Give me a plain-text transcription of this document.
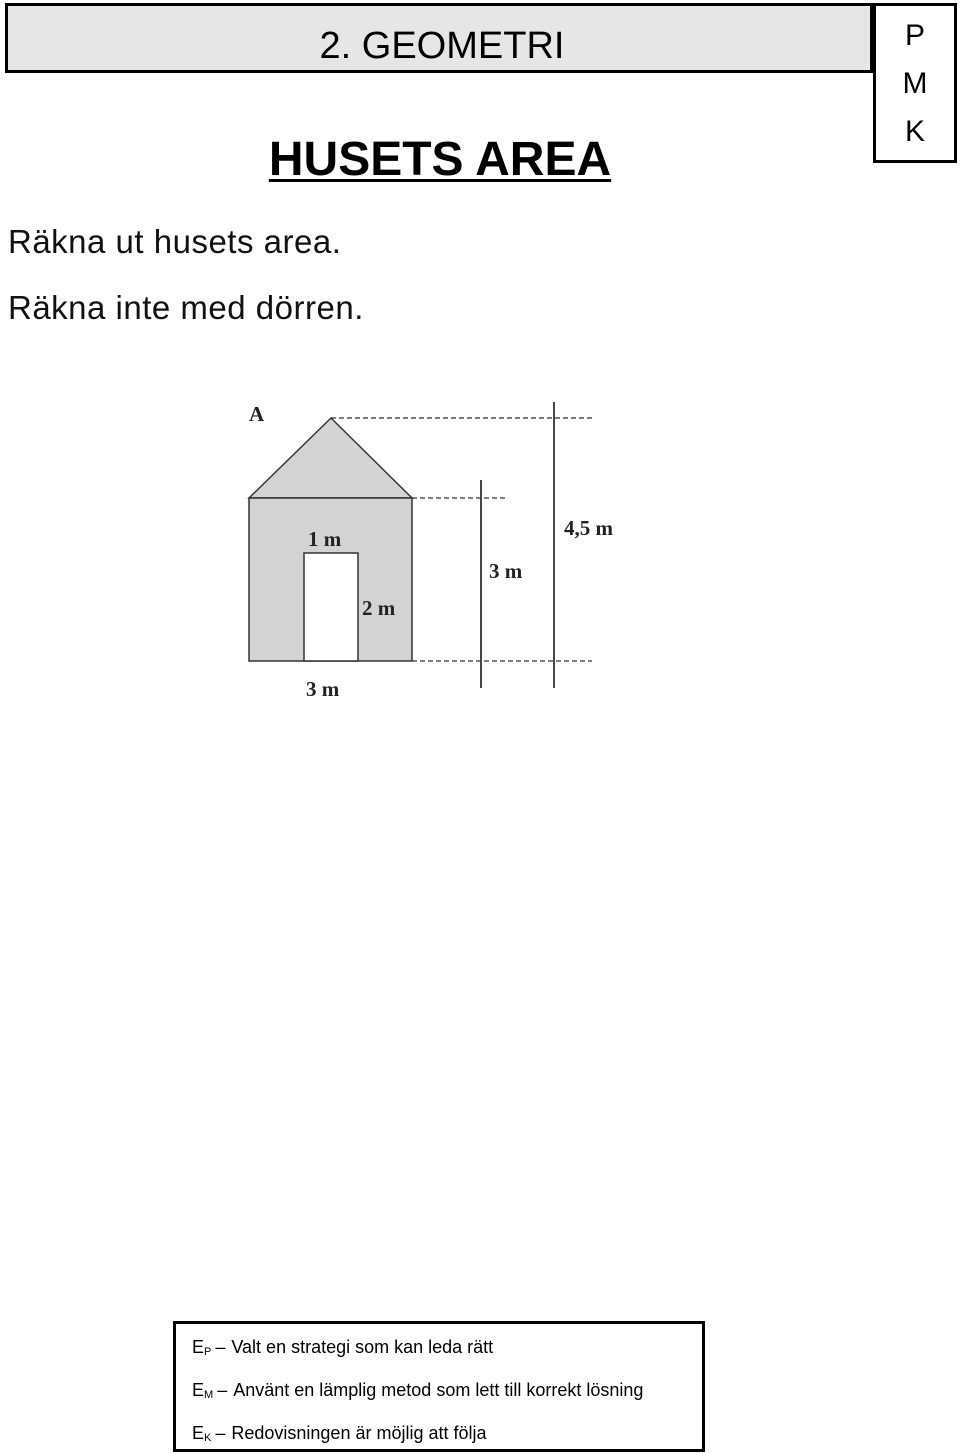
2. GEOMETRI	P
M
K
HUSETS AREA
Räkna ut husets area.
Räkna inte med dörren.
A
1 m
2 m
3 m
4,5 m
3 m
$E_P$ – Valt en strategi som kan leda rätt
$E_M$ – Använt en lämplig metod som lett till korrekt lösning
$E_K$ – Redovisningen är möjlig att följa
